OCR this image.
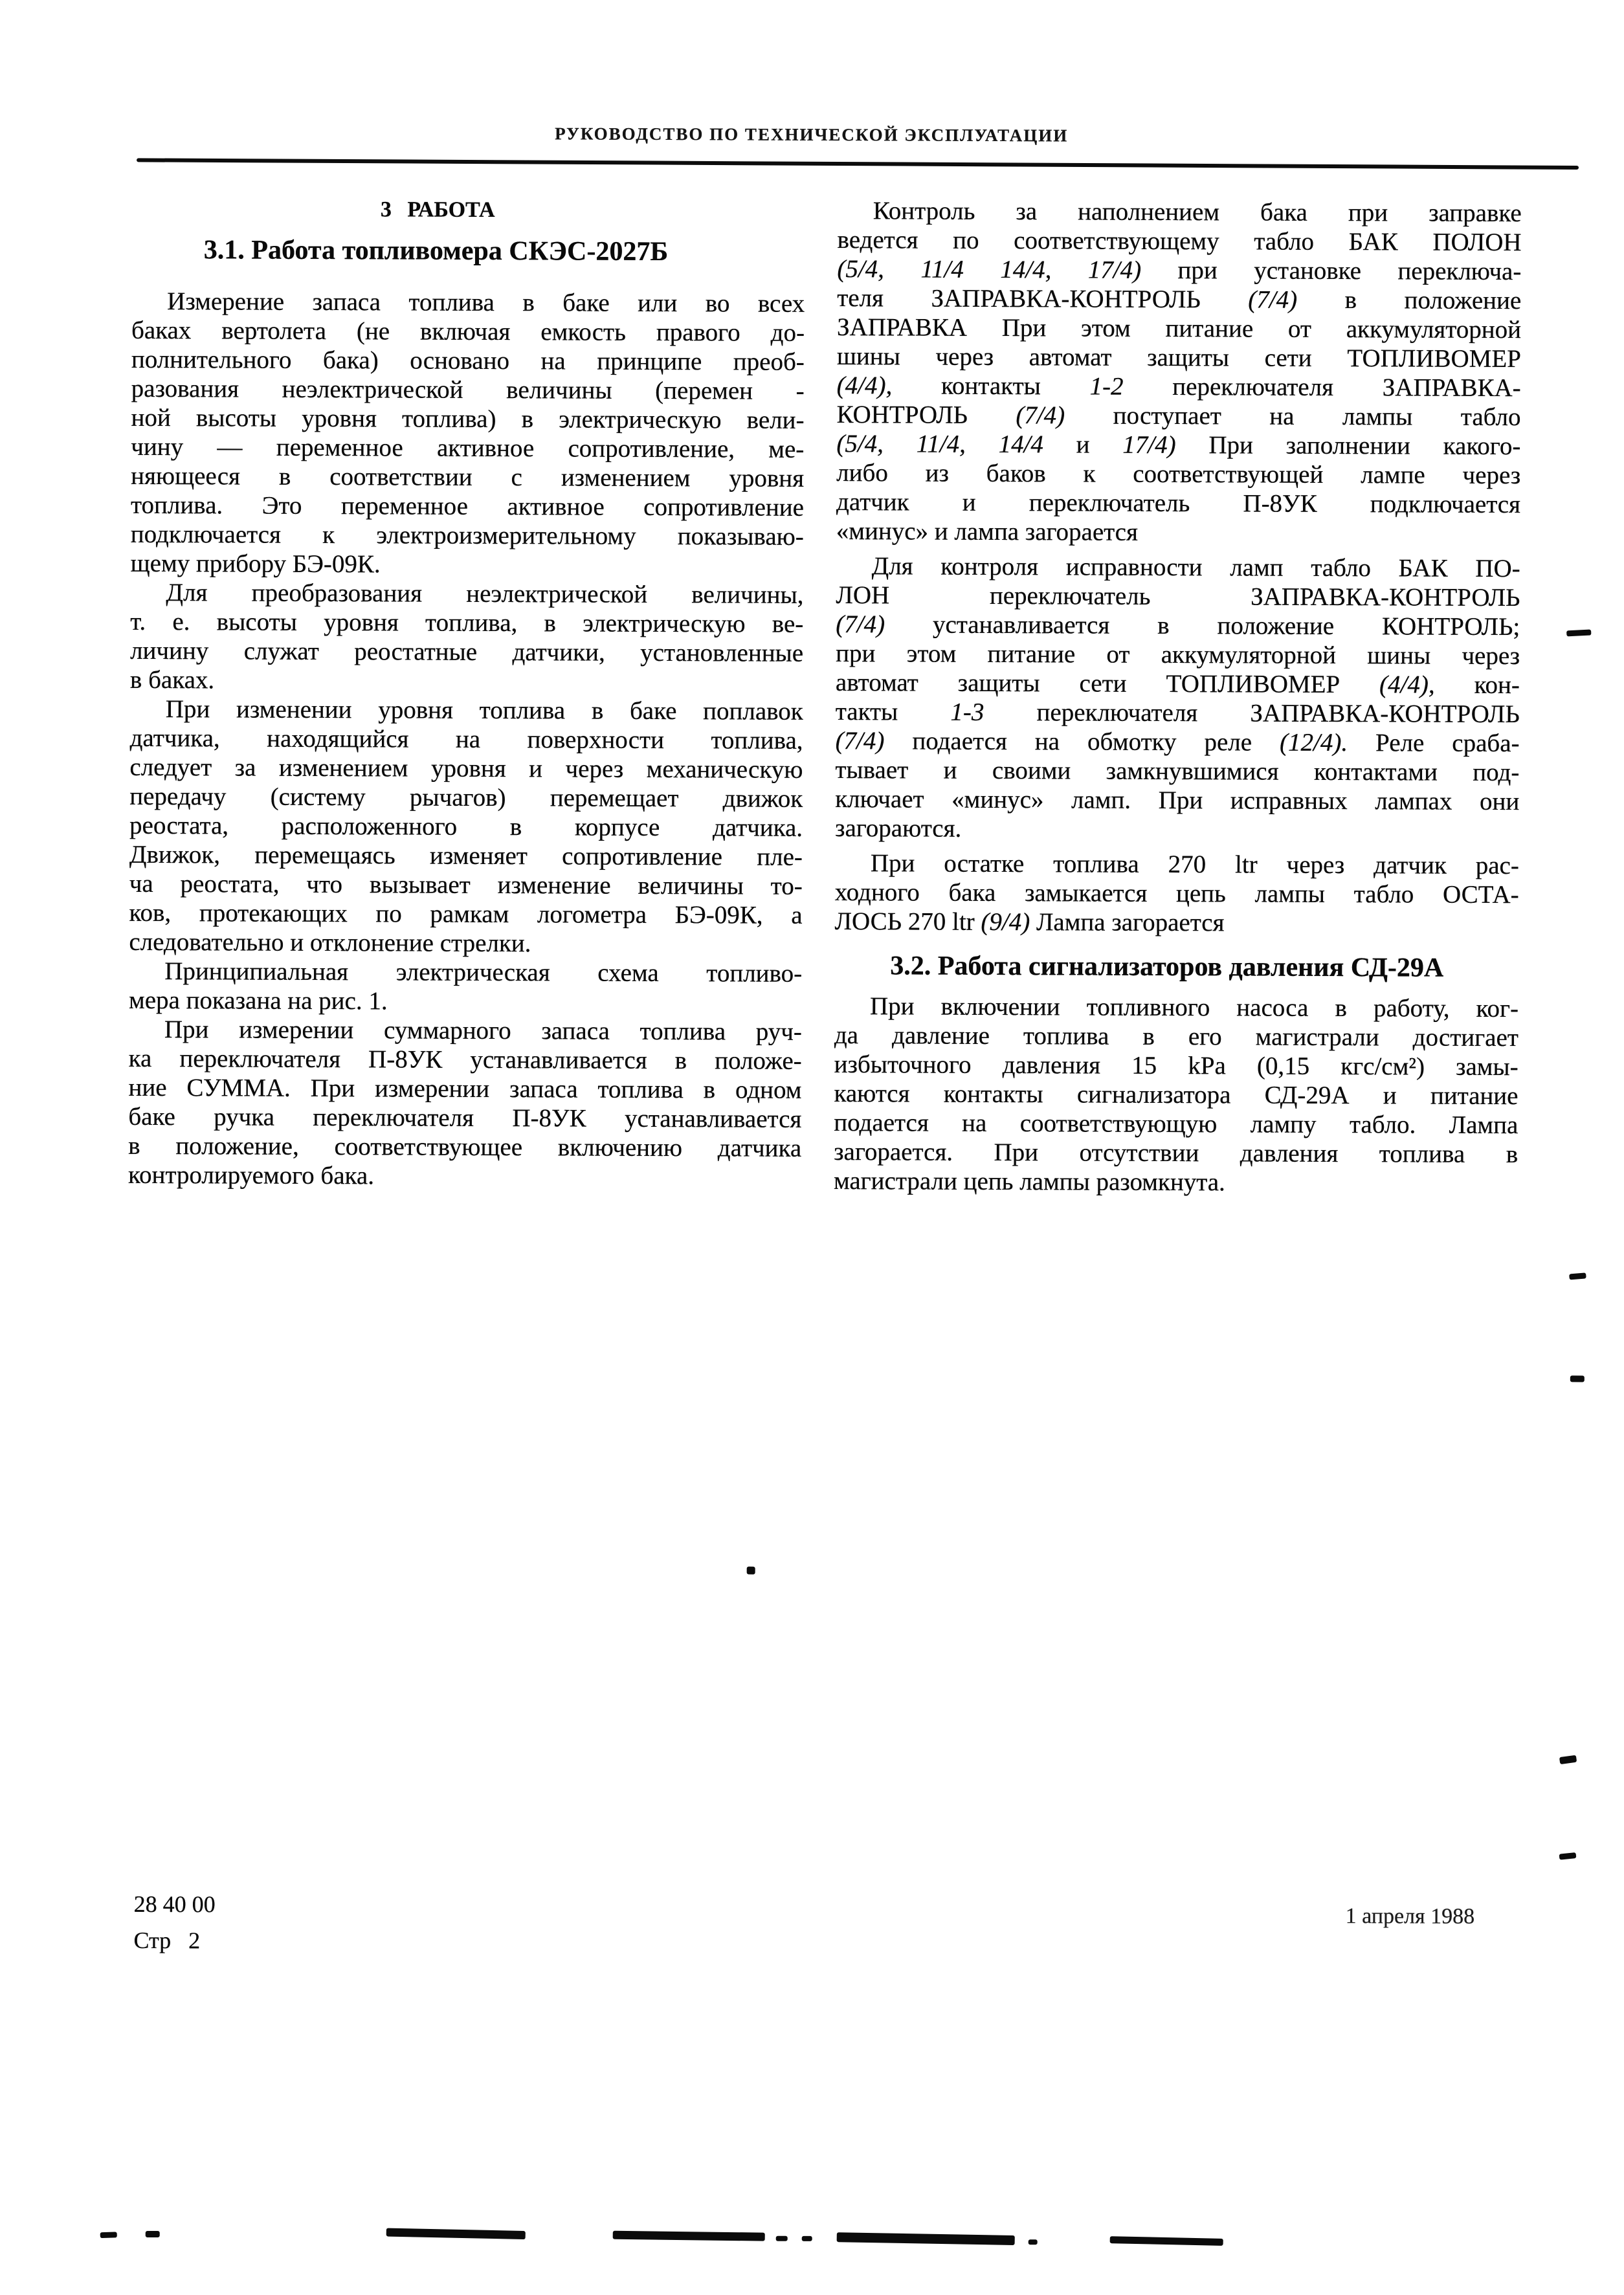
РУКОВОДСТВО ПО ТЕХНИЧЕСКОЙ ЭКСПЛУАТАЦИИ
3 РАБОТА
3.1. Работа топливомера СКЭС-2027Б
Измерение запаса топлива в баке или во всех
баках вертолета (не включая емкость правого до-
полнительного бака) основано на принципе преоб-
разования неэлектрической величины (перемен -
ной высоты уровня топлива) в электрическую вели-
чину — переменное активное сопротивление, ме-
няющееся в соответствии с изменением уровня
топлива. Это переменное активное сопротивление
подключается к электроизмерительному показываю-
щему прибору БЭ-09К.
Для преобразования неэлектрической величины,
т. е. высоты уровня топлива, в электрическую ве-
личину служат реостатные датчики, установленные
в баках.
При изменении уровня топлива в баке поплавок
датчика, находящийся на поверхности топлива,
следует за изменением уровня и через механическую
передачу (систему рычагов) перемещает движок
реостата, расположенного в корпусе датчика.
Движок, перемещаясь изменяет сопротивление пле-
ча реостата, что вызывает изменение величины то-
ков, протекающих по рамкам логометра БЭ-09К, а
следовательно и отклонение стрелки.
Принципиальная электрическая схема топливо-
мера показана на рис. 1.
При измерении суммарного запаса топлива руч-
ка переключателя П-8УК устанавливается в положе-
ние СУММА. При измерении запаса топлива в одном
баке ручка переключателя П-8УК устанавливается
в положение, соответствующее включению датчика
контролируемого бака.
Контроль за наполнением бака при заправке
ведется по соответствующему табло БАК ПОЛОН
(5/4, 11/4 14/4, 17/4) при установке переключа-
теля ЗАПРАВКА-КОНТРОЛЬ (7/4) в положение
ЗАПРАВКА При этом питание от аккумуляторной
шины через автомат защиты сети ТОПЛИВОМЕР
(4/4), контакты 1-2 переключателя ЗАПРАВКА-
КОНТРОЛЬ (7/4) поступает на лампы табло
(5/4, 11/4, 14/4 и 17/4) При заполнении какого-
либо из баков к соответствующей лампе через
датчик и переключатель П-8УК подключается
«минус» и лампа загорается
Для контроля исправности ламп табло БАК ПО-
ЛОН переключатель ЗАПРАВКА-КОНТРОЛЬ
(7/4) устанавливается в положение КОНТРОЛЬ;
при этом питание от аккумуляторной шины через
автомат защиты сети ТОПЛИВОМЕР (4/4), кон-
такты 1-3 переключателя ЗАПРАВКА-КОНТРОЛЬ
(7/4) подается на обмотку реле (12/4). Реле сраба-
тывает и своими замкнувшимися контактами под-
ключает «минус» ламп. При исправных лампах они
загораются.
При остатке топлива 270 ltr через датчик рас-
ходного бака замыкается цепь лампы табло ОСТА-
ЛОСЬ 270 ltr (9/4) Лампа загорается
3.2. Работа сигнализаторов давления СД-29А
При включении топливного насоса в работу, ког-
да давление топлива в его магистрали достигает
избыточного давления 15 kPa (0,15 кгс/см²) замы-
каются контакты сигнализатора СД-29А и питание
подается на соответствующую лампу табло. Лампа
загорается. При отсутствии давления топлива в
магистрали цепь лампы разомкнута.
28 40 00
Стр 2
1 апреля 1988
